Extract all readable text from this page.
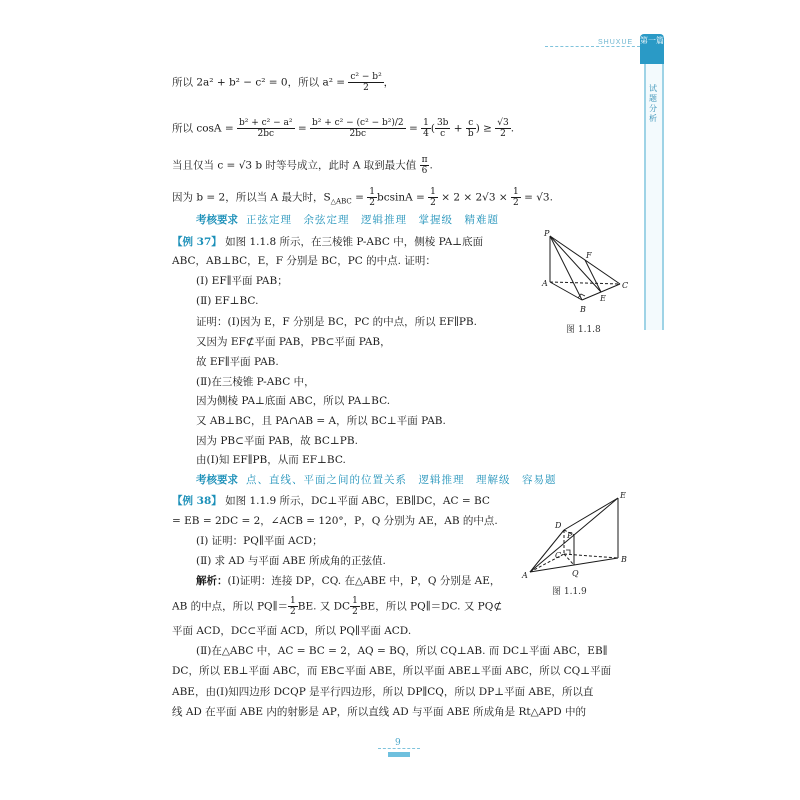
SHUXUE 第一篇
试题分析
所以 2a² + b² − c² = 0，所以 $a^2 = \frac{\text{c² − b²}}{2}$ ，
所以 $\cos A = \frac{\text{b² + c² − a²}}{2bc} = \frac{\text{b² + c² − (c² − b²)/2}}{2bc} = \frac{1}{4}$ ( $\frac{3b}{c} + \frac{c}{b}$ ) ≥ $\frac{√3}{2}$ .
当且仅当 c = √3 b 时等号成立，此时 A 取到最大值 $\frac{\pi}{6}$ .
因为 b = 2，所以当 A 最大时，$S_{\triangle ABC} = \frac{1}{2}$ $bcsinA = \frac{1}{2} \times 2 \times 2√3 \times \frac{1}{2} = √3$.
考核要求 正弦定理　余弦定理　逻辑推理　掌握级　精难题
【例 37】 如图 1.1.8 所示，在三棱锥 P-ABC 中，侧棱 PA⊥底面
ABC，AB⊥BC，E，F 分别是 BC，PC 的中点. 证明：
(Ⅰ) EF∥平面 PAB；
(Ⅱ) EF⊥BC.
证明：(Ⅰ)因为 E，F 分别是 BC，PC 的中点，所以 EF∥PB.
又因为 EF⊄平面 PAB，PB⊂平面 PAB，
故 EF∥平面 PAB.
(Ⅱ)在三棱锥 P-ABC 中，
因为侧棱 PA⊥底面 ABC，所以 PA⊥BC.
又 AB⊥BC，且 PA∩AB = A，所以 BC⊥平面 PAB.
因为 PB⊂平面 PAB，故 BC⊥PB.
由(Ⅰ)知 EF∥PB，从而 EF⊥BC.
P
A
B
C
E
F
图 1.1.8
考核要求 点、直线、平面之间的位置关系　逻辑推理　理解级　容易题
【例 38】 如图 1.1.9 所示，DC⊥平面 ABC，EB∥DC，AC = BC
= EB = 2DC = 2，∠ACB = 120°，P，Q 分别为 AE，AB 的中点.
(Ⅰ) 证明：PQ∥平面 ACD；
(Ⅱ) 求 AD 与平面 ABE 所成角的正弦值.
解析：(Ⅰ)证明：连接 DP，CQ. 在△ABE 中，P，Q 分别是 AE，
AB 的中点，所以 PQ∥＝ $\frac{1}{2}$ BE. 又 DC $\frac{1}{2}$ BE，所以 PQ∥＝DC. 又 PQ⊄
平面 ACD，DC⊂平面 ACD，所以 PQ∥平面 ACD.
(Ⅱ)在△ABC 中，AC = BC = 2，AQ = BQ，所以 CQ⊥AB. 而 DC⊥平面 ABC，EB∥
DC，所以 EB⊥平面 ABC，而 EB⊂平面 ABE，所以平面 ABE⊥平面 ABC，所以 CQ⊥平面
ABE，由(Ⅰ)知四边形 DCQP 是平行四边形，所以 DP∥CQ，所以 DP⊥平面 ABE，所以直
线 AD 在平面 ABE 内的射影是 AP，所以直线 AD 与平面 ABE 所成角是 Rt△APD 中的
E
D
P
C
A	Q
B
图 1.1.9
9
